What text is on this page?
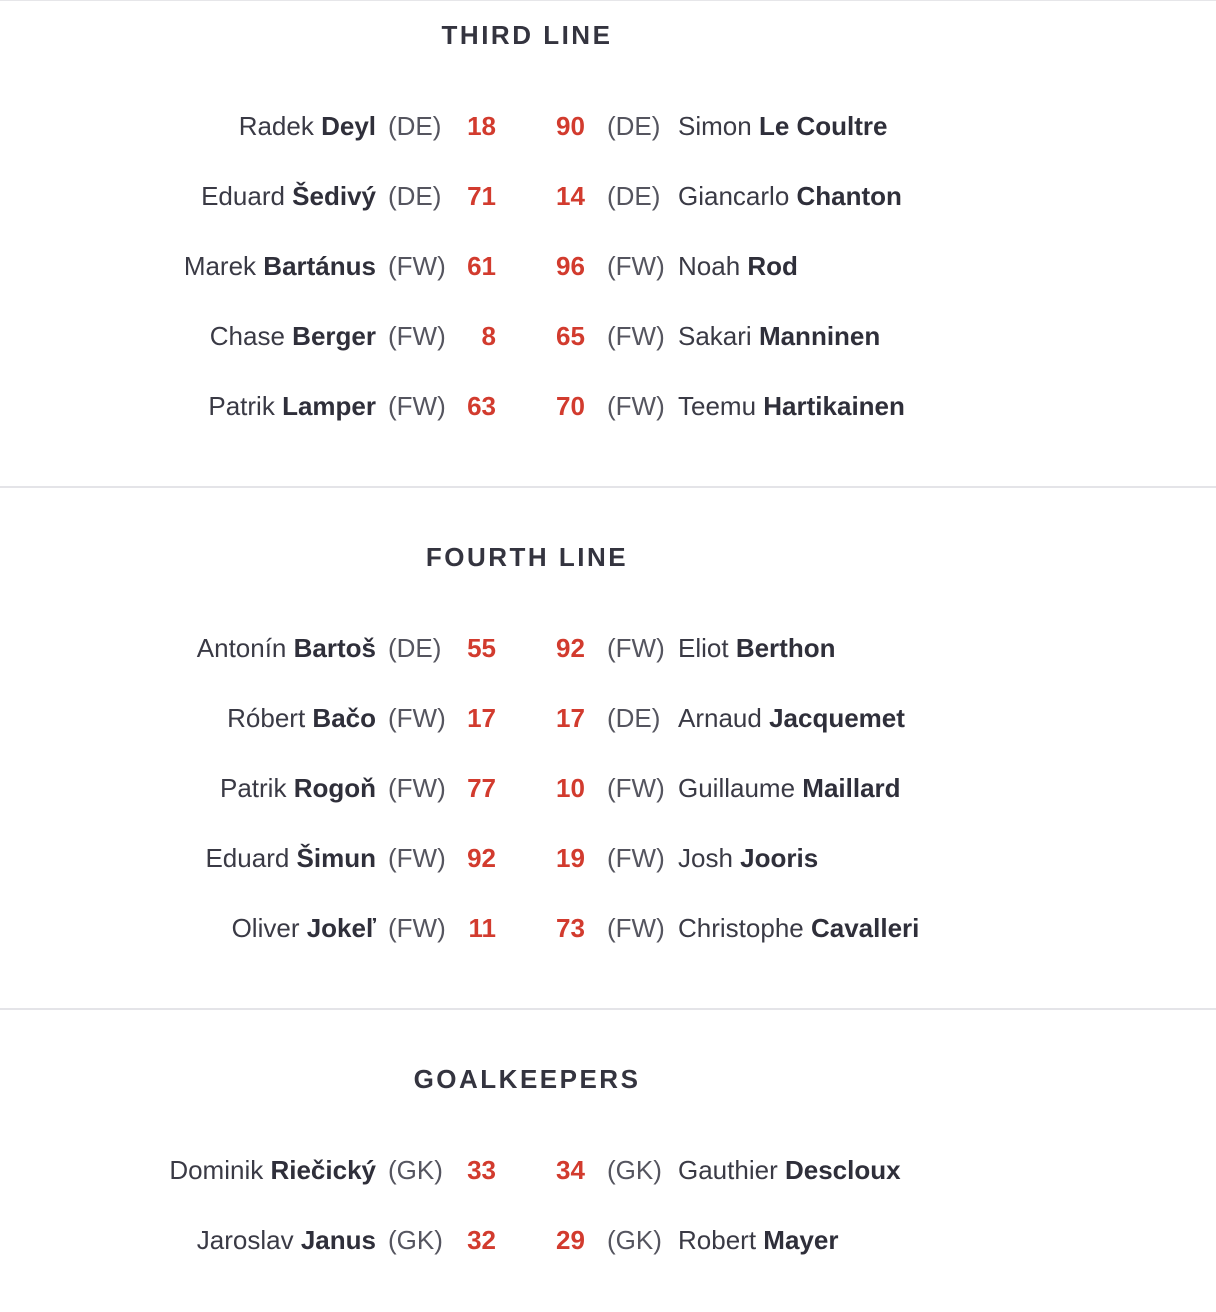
THIRD LINE
Radek Deyl (DE) 18 90 (DE) Simon Le Coultre
Eduard Šedivý (DE) 71 14 (DE) Giancarlo Chanton
Marek Bartánus (FW) 61 96 (FW) Noah Rod
Chase Berger (FW) 8 65 (FW) Sakari Manninen
Patrik Lamper (FW) 63 70 (FW) Teemu Hartikainen
FOURTH LINE
Antonín Bartoš (DE) 55 92 (FW) Eliot Berthon
Róbert Bačo (FW) 17 17 (DE) Arnaud Jacquemet
Patrik Rogoň (FW) 77 10 (FW) Guillaume Maillard
Eduard Šimun (FW) 92 19 (FW) Josh Jooris
Oliver Jokeľ (FW) 11 73 (FW) Christophe Cavalleri
GOALKEEPERS
Dominik Riečický (GK) 33 34 (GK) Gauthier Descloux
Jaroslav Janus (GK) 32 29 (GK) Robert Mayer
